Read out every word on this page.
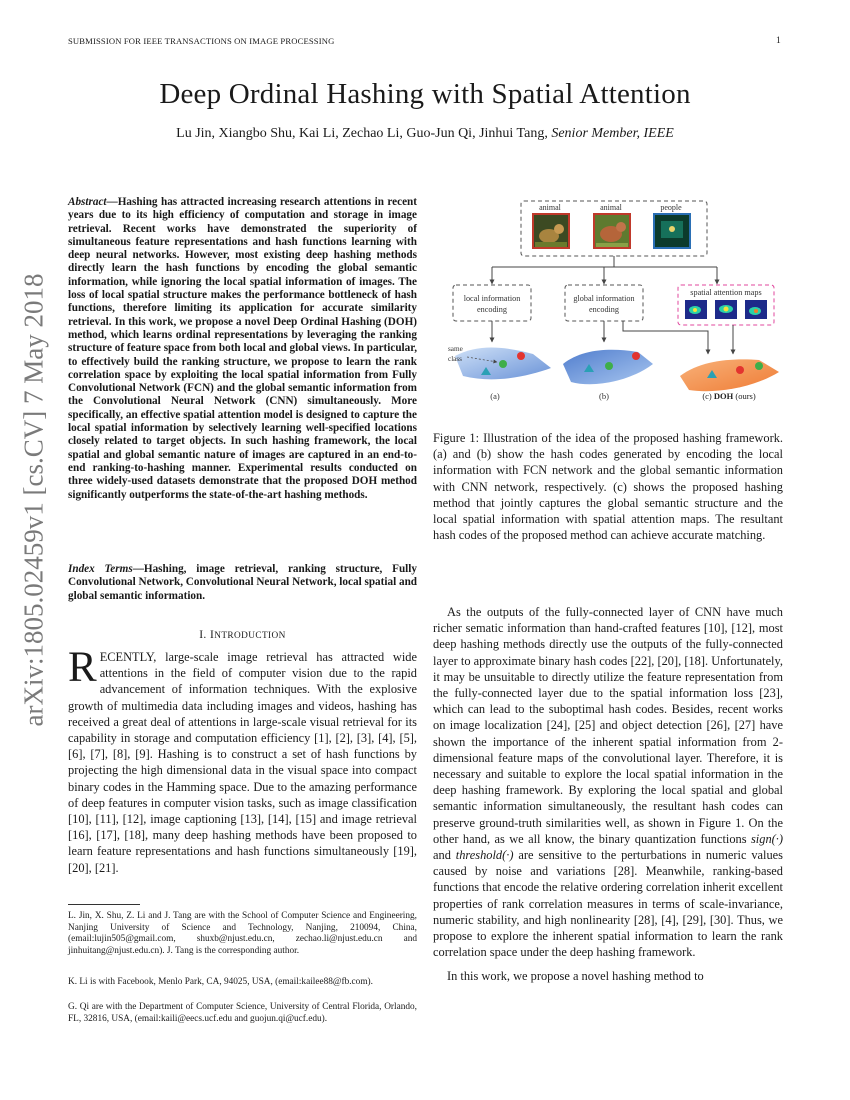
SUBMISSION FOR IEEE TRANSACTIONS ON IMAGE PROCESSING	1
Deep Ordinal Hashing with Spatial Attention
Lu Jin, Xiangbo Shu, Kai Li, Zechao Li, Guo-Jun Qi, Jinhui Tang, Senior Member, IEEE
arXiv:1805.02459v1 [cs.CV] 7 May 2018
Abstract—Hashing has attracted increasing research attentions in recent years due to its high efficiency of computation and storage in image retrieval. Recent works have demonstrated the superiority of simultaneous feature representations and hash functions learning with deep neural networks. However, most existing deep hashing methods directly learn the hash functions by encoding the global semantic information, while ignoring the local spatial information of images. The loss of local spatial structure makes the performance bottleneck of hash functions, therefore limiting its application for accurate similarity retrieval. In this work, we propose a novel Deep Ordinal Hashing (DOH) method, which learns ordinal representations by leveraging the ranking structure of feature space from both local and global views. In particular, to effectively build the ranking structure, we propose to learn the rank correlation space by exploiting the local spatial information from Fully Convolutional Network (FCN) and the global semantic information from the Convolutional Neural Network (CNN) simultaneously. More specifically, an effective spatial attention model is designed to capture the local spatial information by selectively learning well-specified locations closely related to target objects. In such hashing framework, the local spatial and global semantic nature of images are captured in an end-to-end ranking-to-hashing manner. Experimental results conducted on three widely-used datasets demonstrate that the proposed DOH method significantly outperforms the state-of-the-art hashing methods.
Index Terms—Hashing, image retrieval, ranking structure, Fully Convolutional Network, Convolutional Neural Network, local spatial and global semantic information.
I. INTRODUCTION
RECENTLY, large-scale image retrieval has attracted wide attentions in the field of computer vision due to the rapid advancement of information techniques. With the explosive growth of multimedia data including images and videos, hashing has received a great deal of attentions in large-scale visual retrieval for its capability in storage and computation efficiency [1], [2], [3], [4], [5], [6], [7], [8], [9]. Hashing is to construct a set of hash functions by projecting the high dimensional data in the visual space into compact binary codes in the Hamming space. Due to the amazing performance of deep features in computer vision tasks, such as image classification [10], [11], [12], image captioning [13], [14], [15] and image retrieval [16], [17], [18], many deep hashing methods have been proposed to learn feature representations and hash functions simultaneously [19], [20], [21].
L. Jin, X. Shu, Z. Li and J. Tang are with the School of Computer Science and Engineering, Nanjing University of Science and Technology, Nanjing, 210094, China, (email:lujin505@gmail.com, shuxb@njust.edu.cn, zechao.li@njust.edu.cn and jinhuitang@njust.edu.cn). J. Tang is the corresponding author.
K. Li is with Facebook, Menlo Park, CA, 94025, USA, (email:kailee88@fb.com).
G. Qi are with the Department of Computer Science, University of Central Florida, Orlando, FL, 32816, USA, (email:kaili@eecs.ucf.edu and guojun.qi@ucf.edu).
animal	animal	people
local information
encoding
global information
encoding
spatial attention maps
same
class
(a)	(b)	(c) DOH (ours)
Figure 1: Illustration of the idea of the proposed hashing framework. (a) and (b) show the hash codes generated by encoding the local information with FCN network and the global semantic information with CNN network, respectively. (c) shows the proposed hashing method that jointly captures the global semantic structure and the local spatial information with spatial attention maps. The resultant hash codes of the proposed method can achieve accurate matching.

As the outputs of the fully-connected layer of CNN have much richer sematic information than hand-crafted features [10], [12], most deep hashing methods directly use the outputs of the fully-connected layer to approximate binary hash codes [22], [20], [18]. Unfortunately, it may be unsuitable to directly utilize the feature representation from the fully-connected layer due to the spatial information loss [23], which can lead to the suboptimal hash codes. Besides, recent works on image localization [24], [25] and object detection [26], [27] have shown the importance of the inherent spatial information from 2-dimensional feature maps of the convolutional layer. Therefore, it is necessary and suitable to explore the local spatial information in the deep hashing framework. By exploring the local spatial and global semantic information simultaneously, the resultant hash codes can preserve ground-truth similarities well, as shown in Figure 1. On the other hand, as we all know, the binary quantization functions sign(·) and threshold(·) are sensitive to the perturbations in numeric values caused by noise and variations [28]. Meanwhile, ranking-based functions that encode the relative ordering correlation inherit excellent properties of rank correlation measures in terms of scale-invariance, numeric stability, and high nonlinearity [28], [4], [29], [30]. Thus, we propose to explore the inherent spatial information to learn the rank correlation space under the deep hashing framework.

In this work, we propose a novel hashing method to
